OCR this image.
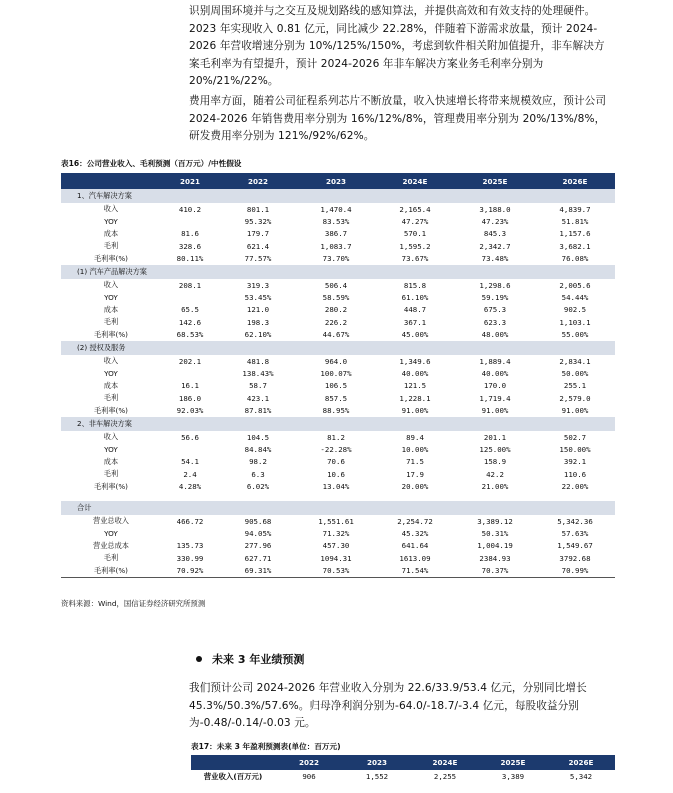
识别周围环境并与之交互及规划路线的感知算法，并提供高效和有效支持的处理硬件。2023 年实现收入 0.81 亿元，同比减少 22.28%，伴随着下游需求放量，预计 2024-2026 年营收增速分别为 10%/125%/150%，考虑到软件相关附加值提升，非车解决方案毛利率为有望提升，预计 2024-2026 年非车解决方案业务毛利率分别为 20%/21%/22%。

费用率方面，随着公司征程系列芯片不断放量，收入快速增长将带来规模效应，预计公司 2024-2026 年销售费用率分别为 16%/12%/8%，管理费用率分别为 20%/13%/8%，研发费用率分别为 121%/92%/62%。

表16：公司营业收入、毛利预测（百万元）/中性假设
	2021	2022	2023	2024E	2025E	2026E
1、汽车解决方案						
收入	410.2	801.1	1,470.4	2,165.4	3,188.0	4,839.7
YOY		95.32%	83.53%	47.27%	47.23%	51.81%
成本	81.6	179.7	386.7	570.1	845.3	1,157.6
毛利	328.6	621.4	1,083.7	1,595.2	2,342.7	3,682.1
毛利率(%)	80.11%	77.57%	73.70%	73.67%	73.48%	76.08%
(1) 汽车产品解决方案						
收入	208.1	319.3	506.4	815.8	1,298.6	2,005.6
YOY		53.45%	58.59%	61.10%	59.19%	54.44%
成本	65.5	121.0	280.2	448.7	675.3	902.5
毛利	142.6	198.3	226.2	367.1	623.3	1,103.1
毛利率(%)	68.53%	62.10%	44.67%	45.00%	48.00%	55.00%
(2) 授权及服务						
收入	202.1	481.8	964.0	1,349.6	1,889.4	2,834.1
YOY		138.43%	100.07%	40.00%	40.00%	50.00%
成本	16.1	58.7	106.5	121.5	170.0	255.1
毛利	186.0	423.1	857.5	1,228.1	1,719.4	2,579.0
毛利率(%)	92.03%	87.81%	88.95%	91.00%	91.00%	91.00%
2、非车解决方案						
收入	56.6	104.5	81.2	89.4	201.1	502.7
YOY		84.84%	-22.28%	10.00%	125.00%	150.00%
成本	54.1	98.2	70.6	71.5	158.9	392.1
毛利	2.4	6.3	10.6	17.9	42.2	110.6
毛利率(%)	4.28%	6.02%	13.04%	20.00%	21.00%	22.00%

合计						
营业总收入	466.72	905.68	1,551.61	2,254.72	3,389.12	5,342.36
YOY		94.05%	71.32%	45.32%	50.31%	57.63%
营业总成本	135.73	277.96	457.30	641.64	1,004.19	1,549.67
毛利	330.99	627.71	1094.31	1613.09	2384.93	3792.68
毛利率(%)	70.92%	69.31%	70.53%	71.54%	70.37%	70.99%
资料来源：Wind，国信证券经济研究所预测
未来 3 年业绩预测

我们预计公司 2024-2026 年营业收入分别为 22.6/33.9/53.4 亿元，分别同比增长 45.3%/50.3%/57.6%。归母净利润分别为-64.0/-18.7/-3.4 亿元，每股收益分别为-0.48/-0.14/-0.03 元。

表17：未来 3 年盈利预测表(单位：百万元)
	2022	2023	2024E	2025E	2026E
营业收入(百万元)	906	1,552	2,255	3,389	5,342
